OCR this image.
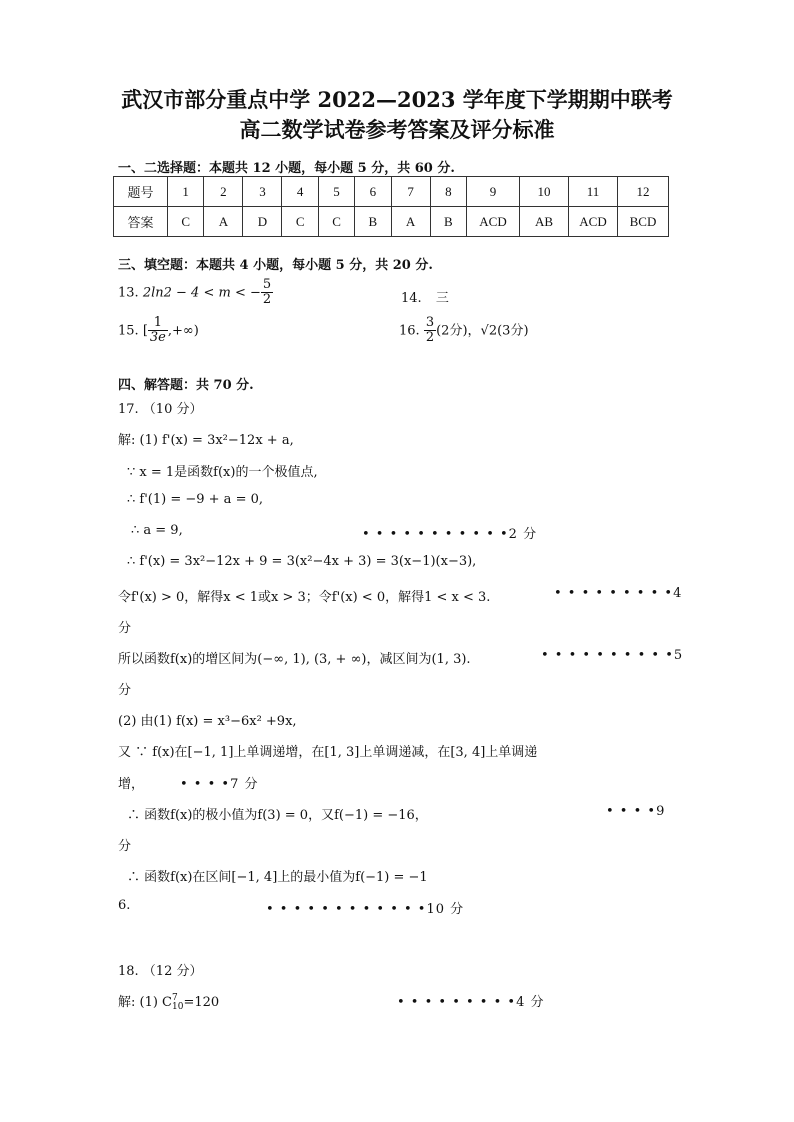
武汉市部分重点中学 2022—2023 学年度下学期期中联考
高二数学试卷参考答案及评分标准
一、二选择题：本题共 12 小题，每小题 5 分，共 60 分.
题号	1	2	3	4	5	6	7	8	9	10	11	12
答案	C	A	D	C	C	B	A	B	ACD	AB	ACD	BCD
三、填空题：本题共 4 小题，每小题 5 分，共 20 分.
13. 2ln2 − 4 < m < − $\frac{5}{2}$	14. 三
15. [ $\frac{1}{3e}$ ,+∞)	16. $\frac{3}{2} (2$分)，√2(3分)
四、解答题：共 70 分.
17. （10 分）
解: (1) f'(x) = 3x²−12x + a,
∵ x = 1是函数f(x)的一个极值点,
∴ f'(1) = −9 + a = 0,
∴ a = 9,	• • • • • • • • • • •2 分
∴ f'(x) = 3x²−12x + 9 = 3(x²−4x + 3) = 3(x−1)(x−3),
令f'(x) > 0，解得x < 1或x > 3；令f'(x) < 0，解得1 < x < 3.	• • • • • • • • •4
分
所以函数f(x)的增区间为(−∞, 1), (3, + ∞)，减区间为(1, 3).	• • • • • • • • • •5
分
(2) 由(1) f(x) = x³−6x² +9x,
又 ∵ f(x)在[−1, 1]上单调递增，在[1, 3]上单调递减，在[3, 4]上单调递
增，	• • • •7 分
∴ 函数f(x)的极小值为f(3) = 0，又f(−1) = −16，	• • • •9
分
∴ 函数f(x)在区间[−1, 4]上的最小值为f(−1) = −1
6.	• • • • • • • • • • • •10 分
18. （12 分）
解: (1) C 7
10 =120	• • • • • • • • •4 分
